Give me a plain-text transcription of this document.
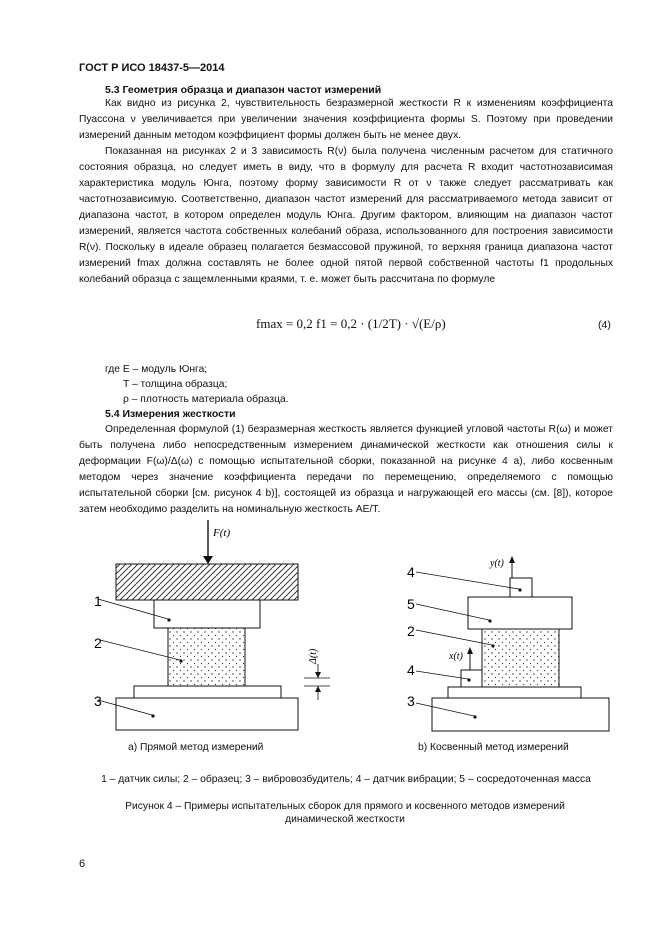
ГОСТ Р ИСО 18437-5—2014
5.3 Геометрия образца и диапазон частот измерений

Как видно из рисунка 2, чувствительность безразмерной жесткости R к изменениям коэффициента Пуассона ν увеличивается при увеличении значения коэффициента формы S. Поэтому при проведении измерений данным методом коэффициент формы должен быть не менее двух.

Показанная на рисунках 2 и 3 зависимость R(ν) была получена численным расчетом для статичного состояния образца, но следует иметь в виду, что в формулу для расчета R входит частотнозависимая характеристика модуль Юнга, поэтому форму зависимости R от ν также следует рассматривать как частотнозависимую. Соответственно, диапазон частот измерений для рассматриваемого метода зависит от диапазона частот, в котором определен модуль Юнга. Другим фактором, влияющим на диапазон частот измерений, является частота собственных колебаний образа, использованного для построения зависимости R(ν). Поскольку в идеале образец полагается безмассовой пружиной, то верхняя граница диапазона частот измерений fmax должна составлять не более одной пятой первой собственной частоты f1 продольных колебаний образца с защемленными краями, т. е. может быть рассчитана по формуле

fmax = 0,2 f1 = 0,2 · (1/2T) · √(E/ρ)	(4)
где E – модуль Юнга;
T – толщина образца;
ρ – плотность материала образца.
5.4 Измерения жесткости

Определенная формулой (1) безразмерная жесткость является функцией угловой частоты R(ω) и может быть получена либо непосредственным измерением динамической жесткости как отношения силы к деформации F(ω)/Δ(ω) с помощью испытательной сборки, показанной на рисунке 4 а), либо косвенным методом через значение коэффициента передачи по перемещению, определяемого с помощью испытательной сборки [см. рисунок 4 b)], состоящей из образца и нагружающей его массы (см. [8]), которое затем необходимо разделить на номинальную жесткость AE/T.

F(t)
1
2
3
Δ(t)
y(t)
x(t)
4
5
2
4
3
a) Прямой метод измерений	b) Косвенный метод измерений
1 – датчик силы; 2 – образец; 3 – вибровозбудитель; 4 – датчик вибрации; 5 – сосредоточенная масса
Рисунок 4 – Примеры испытательных сборок для прямого и косвенного методов измерений динамической жесткости
6
